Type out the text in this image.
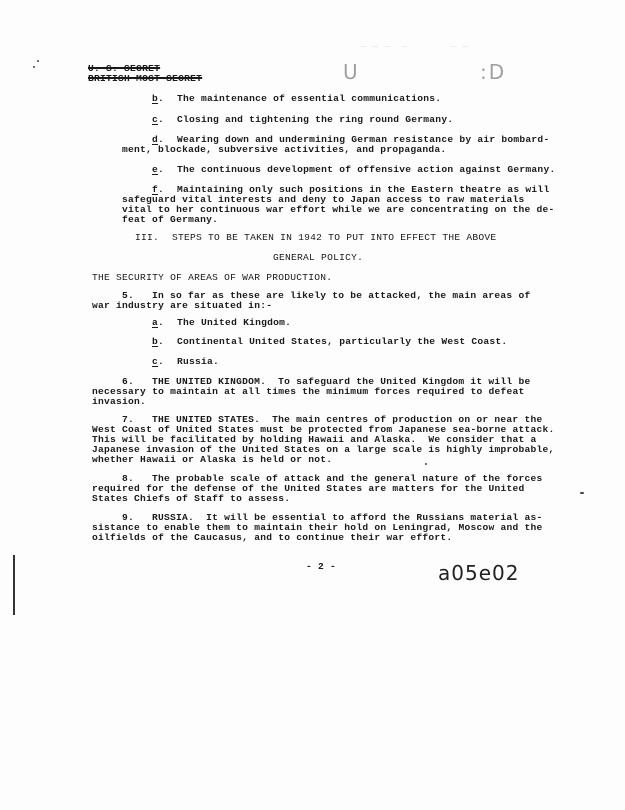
U. S. SECRET
BRITISH MOST SECRET
‾ ‾ ‾  ‾       ‾ ‾
U	:D
b . The maintenance of essential communications.
c . Closing and tightening the ring round Germany.
d . Wearing down and undermining German resistance by air bombard-
ment, blockade, subversive activities, and propaganda.
e . The continuous development of offensive action against Germany.
f . Maintaining only such positions in the Eastern theatre as will
safeguard vital interests and deny to Japan access to raw materials
vital to her continuous war effort while we are concentrating on the de-
feat of Germany.
III. STEPS TO BE TAKEN IN 1942 TO PUT INTO EFFECT THE ABOVE
GENERAL POLICY.
THE SECURITY OF AREAS OF WAR PRODUCTION.
5. In so far as these are likely to be attacked, the main areas of
war industry are situated in:-
a . The United Kingdom.
b . Continental United States, particularly the West Coast.
c . Russia.
6. THE UNITED KINGDOM.  To safeguard the United Kingdom it will be
necessary to maintain at all times the minimum forces required to defeat
invasion.
7. THE UNITED STATES.  The main centres of production on or near the
West Coast of United States must be protected from Japanese sea-borne attack.
This will be facilitated by holding Hawaii and Alaska.  We consider that a
Japanese invasion of the United States on a large scale is highly improbable,
whether Hawaii or Alaska is held or not.
8. The probable scale of attack and the general nature of the forces
required for the defense of the United States are matters for the United
States Chiefs of Staff to assess.
9. RUSSIA.  It will be essential to afford the Russians material as-
sistance to enable them to maintain their hold on Leningrad, Moscow and the
oilfields of the Caucasus, and to continue their war effort.
- 2 -	a05e02
